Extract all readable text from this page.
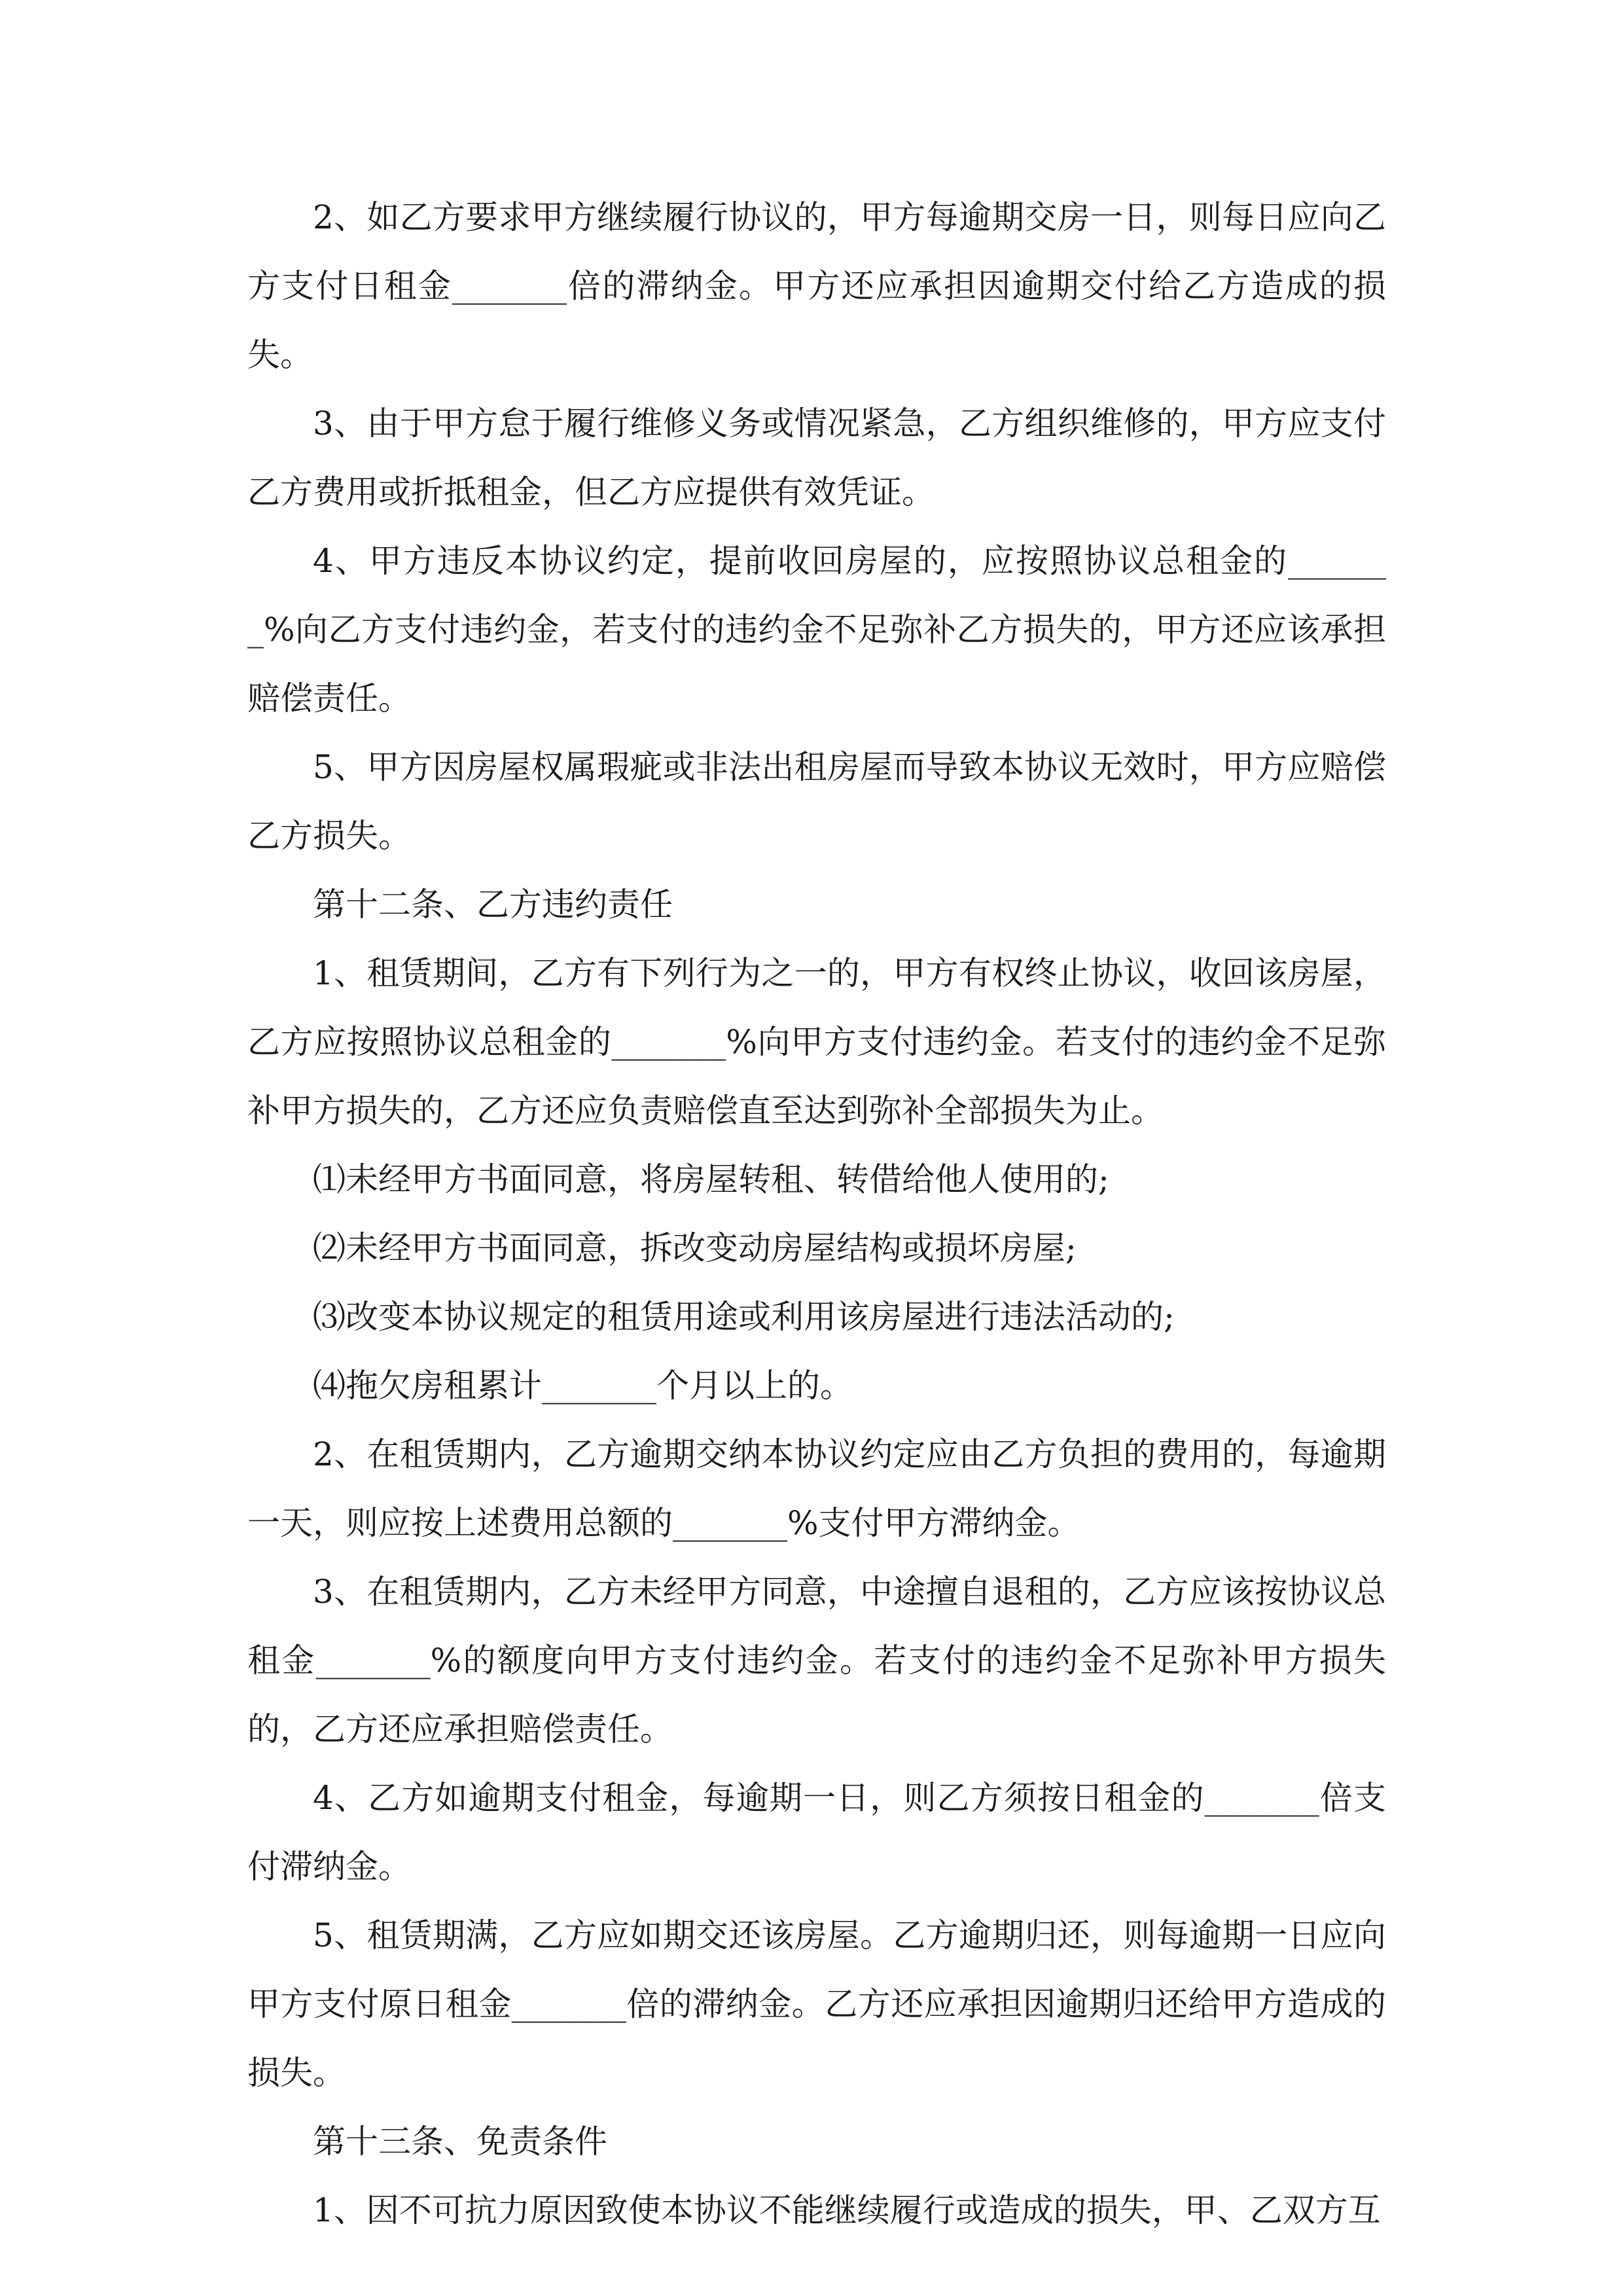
2、如乙方要求甲方继续履行协议的，甲方每逾期交房一日，则每日应向乙方支付日租金_______倍的滞纳金。甲方还应承担因逾期交付给乙方造成的损失。

3、由于甲方怠于履行维修义务或情况紧急，乙方组织维修的，甲方应支付乙方费用或折抵租金，但乙方应提供有效凭证。

4、甲方违反本协议约定，提前收回房屋的，应按照协议总租金的_______%向乙方支付违约金，若支付的违约金不足弥补乙方损失的，甲方还应该承担赔偿责任。

5、甲方因房屋权属瑕疵或非法出租房屋而导致本协议无效时，甲方应赔偿乙方损失。

第十二条、乙方违约责任

1、租赁期间，乙方有下列行为之一的，甲方有权终止协议，收回该房屋，乙方应按照协议总租金的_______%向甲方支付违约金。若支付的违约金不足弥补甲方损失的，乙方还应负责赔偿直至达到弥补全部损失为止。

⑴未经甲方书面同意，将房屋转租、转借给他人使用的;

⑵未经甲方书面同意，拆改变动房屋结构或损坏房屋;

⑶改变本协议规定的租赁用途或利用该房屋进行违法活动的;

⑷拖欠房租累计_______个月以上的。

2、在租赁期内，乙方逾期交纳本协议约定应由乙方负担的费用的，每逾期一天，则应按上述费用总额的_______%支付甲方滞纳金。

3、在租赁期内，乙方未经甲方同意，中途擅自退租的，乙方应该按协议总租金_______%的额度向甲方支付违约金。若支付的违约金不足弥补甲方损失的，乙方还应承担赔偿责任。

4、乙方如逾期支付租金，每逾期一日，则乙方须按日租金的_______倍支付滞纳金。

5、租赁期满，乙方应如期交还该房屋。乙方逾期归还，则每逾期一日应向甲方支付原日租金_______倍的滞纳金。乙方还应承担因逾期归还给甲方造成的损失。

第十三条、免责条件

1、因不可抗力原因致使本协议不能继续履行或造成的损失，甲、乙双方互
